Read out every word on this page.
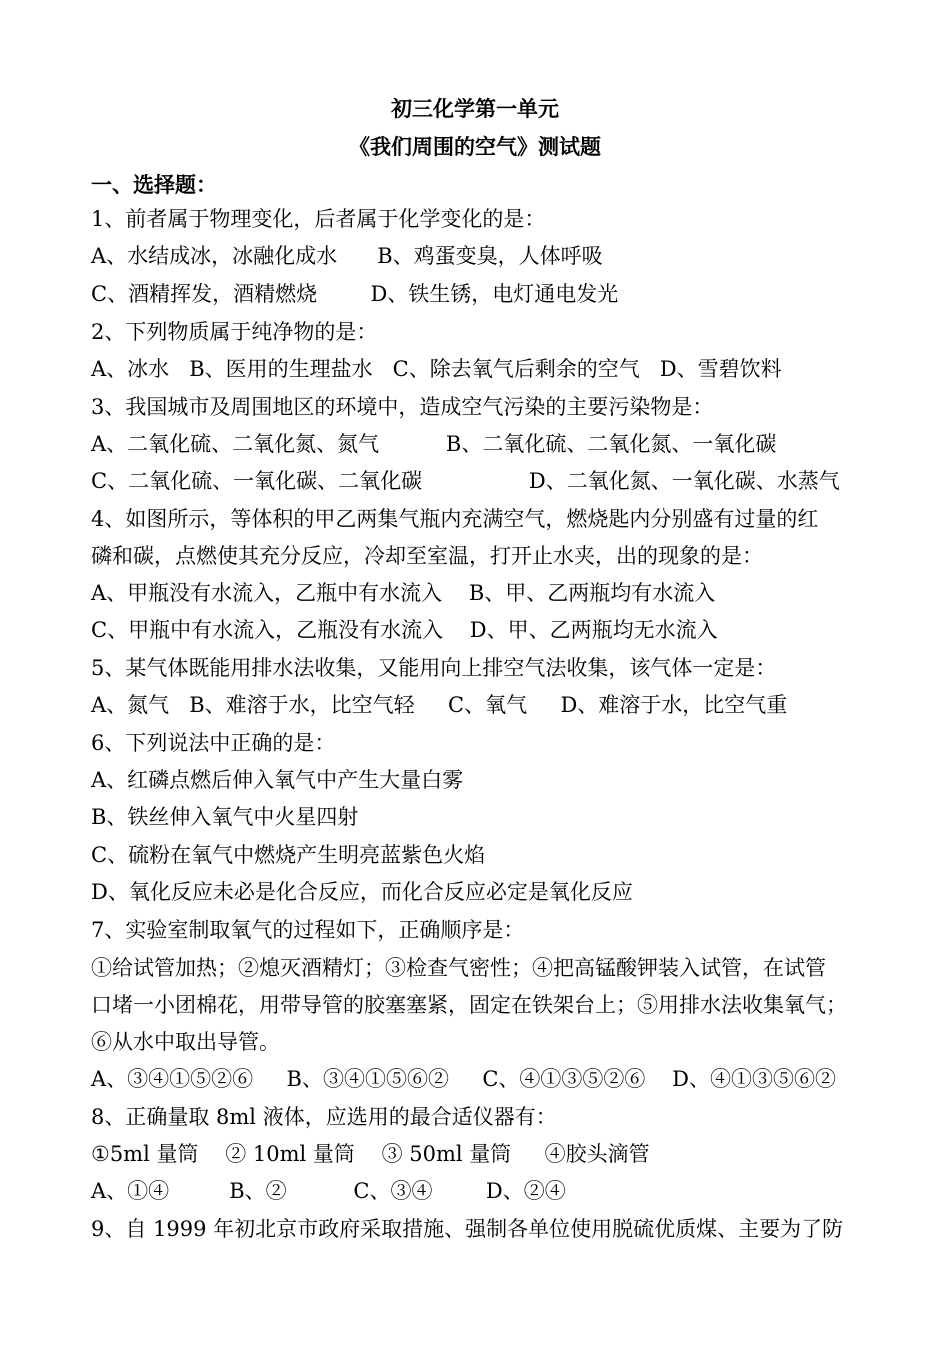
初三化学第一单元
《我们周围的空气》测试题
一、选择题：
1、前者属于物理变化，后者属于化学变化的是：
A、水结成冰，冰融化成水      B、鸡蛋变臭，人体呼吸
C、酒精挥发，酒精燃烧        D、铁生锈，电灯通电发光
2、下列物质属于纯净物的是：
A、冰水   B、医用的生理盐水   C、除去氧气后剩余的空气   D、雪碧饮料
3、我国城市及周围地区的环境中，造成空气污染的主要污染物是：
A、二氧化硫、二氧化氮、氮气          B、二氧化硫、二氧化氮、一氧化碳
C、二氧化硫、一氧化碳、二氧化碳                D、二氧化氮、一氧化碳、水蒸气
4、如图所示，等体积的甲乙两集气瓶内充满空气，燃烧匙内分别盛有过量的红
磷和碳，点燃使其充分反应，冷却至室温，打开止水夹，出的现象的是：
A、甲瓶没有水流入，乙瓶中有水流入    B、甲、乙两瓶均有水流入
C、甲瓶中有水流入，乙瓶没有水流入    D、甲、乙两瓶均无水流入
5、某气体既能用排水法收集，又能用向上排空气法收集，该气体一定是：
A、氮气   B、难溶于水，比空气轻     C、氧气     D、难溶于水，比空气重
6、下列说法中正确的是：
A、红磷点燃后伸入氧气中产生大量白雾
B、铁丝伸入氧气中火星四射
C、硫粉在氧气中燃烧产生明亮蓝紫色火焰
D、氧化反应未必是化合反应，而化合反应必定是氧化反应
7、实验室制取氧气的过程如下，正确顺序是：
①给试管加热；②熄灭酒精灯；③检查气密性；④把高锰酸钾装入试管，在试管
口堵一小团棉花，用带导管的胶塞塞紧，固定在铁架台上；⑤用排水法收集氧气；
⑥从水中取出导管。
A、③④①⑤②⑥     B、③④①⑤⑥②     C、④①③⑤②⑥    D、④①③⑤⑥②
8、正确量取 8ml 液体，应选用的最合适仪器有：
①5ml 量筒    ② 10ml 量筒    ③ 50ml 量筒     ④胶头滴管
A、①④         B、②          C、③④        D、②④
9、自 1999 年初北京市政府采取措施、强制各单位使用脱硫优质煤、主要为了防
